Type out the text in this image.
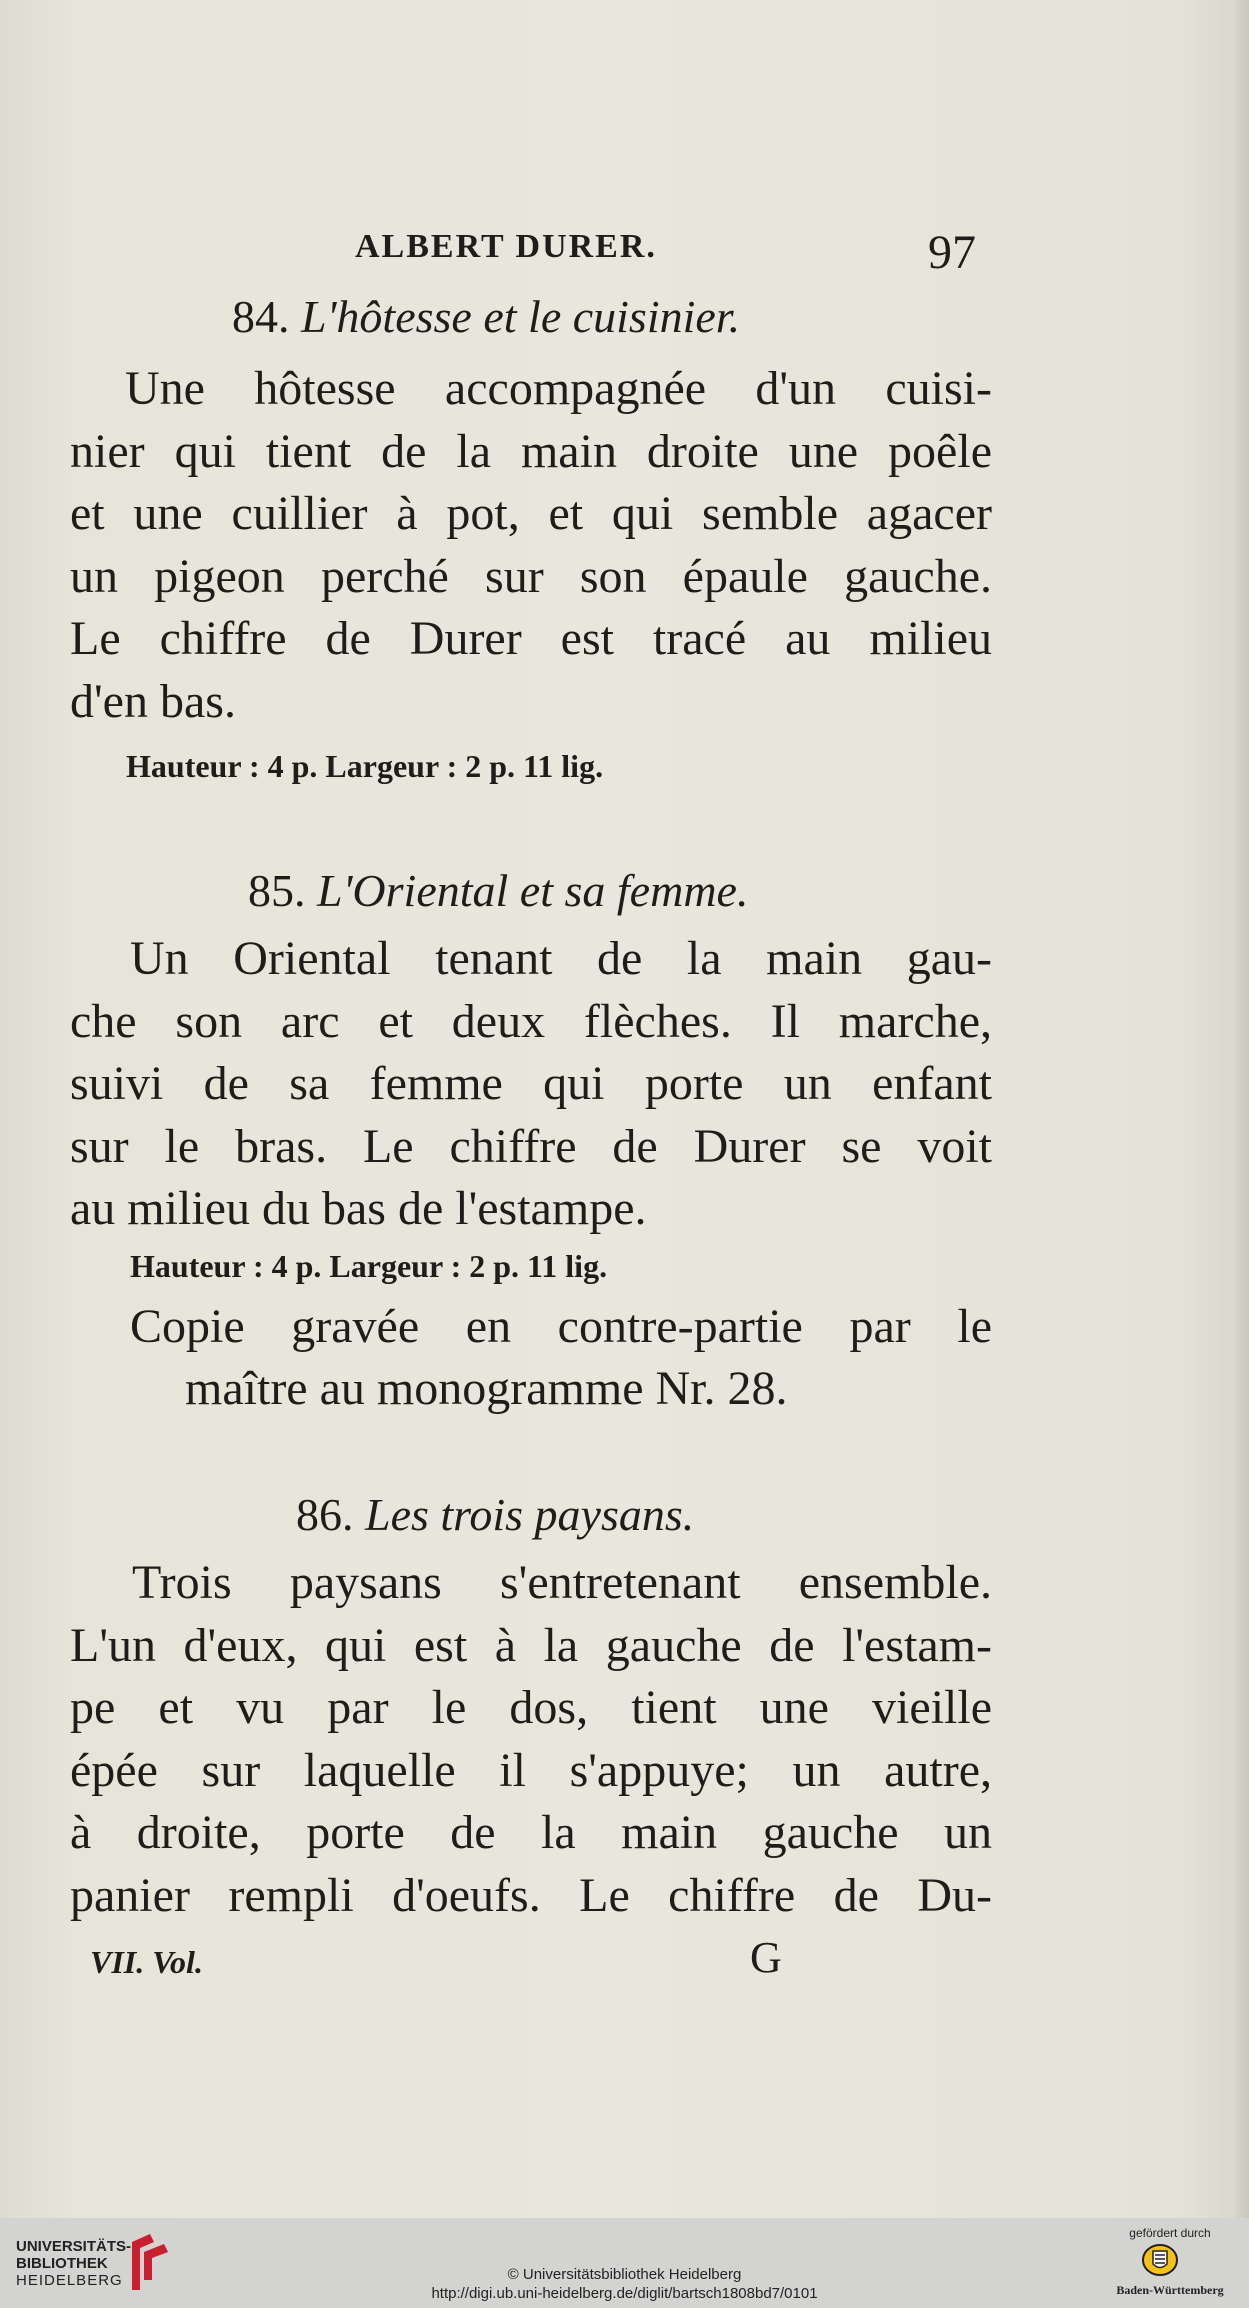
ALBERT DURER.	97
84. L'hôtesse et le cuisinier.
Une hôtesse accompagnée d'un cuisi-
nier qui tient de la main droite une poêle
et une cuillier à pot, et qui semble agacer
un pigeon perché sur son épaule gauche.
Le chiffre de Durer est tracé au milieu
d'en bas.
Hauteur : 4 p. Largeur : 2 p. 11 lig.
85. L'Oriental et sa femme.
Un Oriental tenant de la main gau-
che son arc et deux flèches. Il marche,
suivi de sa femme qui porte un enfant
sur le bras. Le chiffre de Durer se voit
au milieu du bas de l'estampe.
Hauteur : 4 p. Largeur : 2 p. 11 lig.
Copie gravée en contre-partie par le
maître au monogramme Nr. 28.
86. Les trois paysans.
Trois paysans s'entretenant ensemble.
L'un d'eux, qui est à la gauche de l'estam-
pe et vu par le dos, tient une vieille
épée sur laquelle il s'appuye; un autre,
à droite, porte de la main gauche un
panier rempli d'oeufs. Le chiffre de Du-
VII. Vol.	G
UNIVERSITÄTS-
BIBLIOTHEK
HEIDELBERG	© Universitätsbibliothek Heidelberg
http://digi.ub.uni-heidelberg.de/diglit/bartsch1808bd7/0101
gefördert durch
Baden-Württemberg
